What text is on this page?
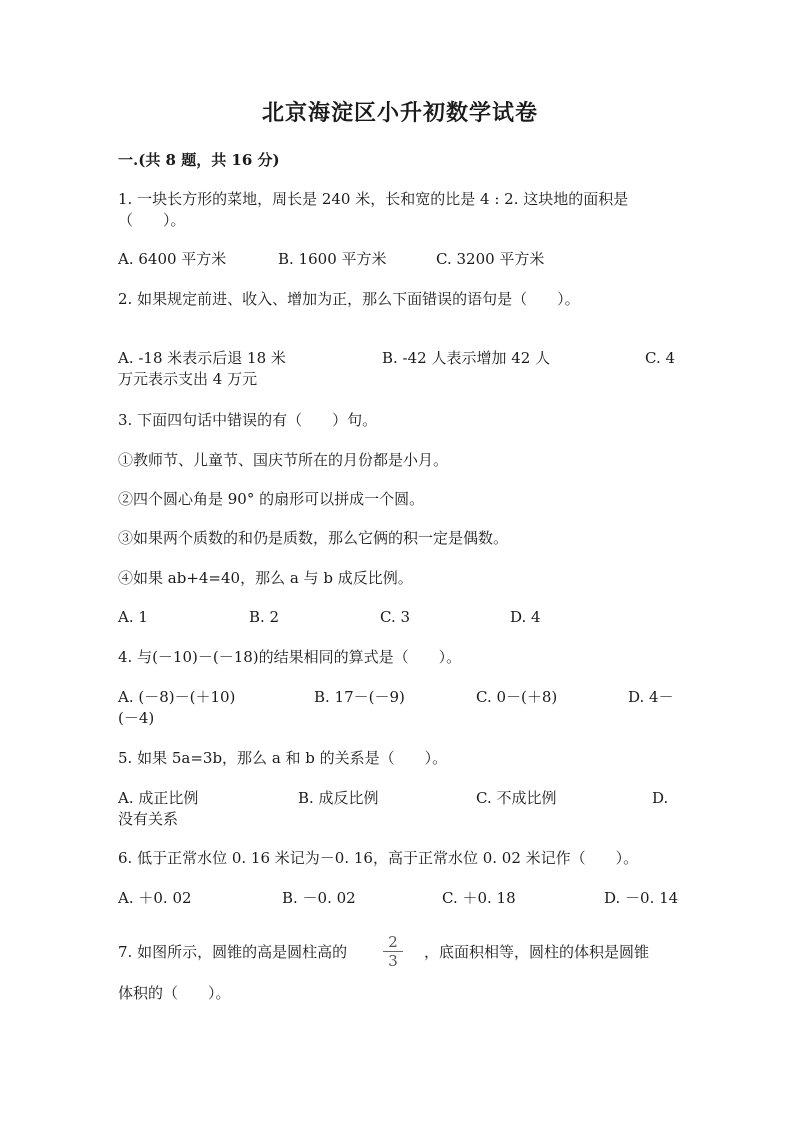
北京海淀区小升初数学试卷
一.(共 8 题，共 16 分)
1. 一块长方形的菜地，周长是 240 米，长和宽的比是 4 : 2. 这块地的面积是
（　　）。
A. 6400 平方米	B. 1600 平方米	C. 3200 平方米
2. 如果规定前进、收入、增加为正，那么下面错误的语句是（　　）。
A. -18 米表示后退 18 米	B. -42 人表示增加 42 人	C. 4
万元表示支出 4 万元
3. 下面四句话中错误的有（　　）句。
①教师节、儿童节、国庆节所在的月份都是小月。
②四个圆心角是 90° 的扇形可以拼成一个圆。
③如果两个质数的和仍是质数，那么它俩的积一定是偶数。
④如果 ab+4=40，那么 a 与 b 成反比例。
A. 1	B. 2	C. 3	D. 4
4. 与(－10)－(－18)的结果相同的算式是（　　）。
A. (－8)－(＋10)	B. 17－(－9)	C. 0－(＋8)	D. 4－
(－4)
5. 如果 5a=3b，那么 a 和 b 的关系是（　　）。
A. 成正比例	B. 成反比例	C. 不成比例	D.
没有关系
6. 低于正常水位 0. 16 米记为－0. 16，高于正常水位 0. 02 米记作（　　）。
A. ＋0. 02	B. －0. 02	C. ＋0. 18	D. －0. 14
7. 如图所示，圆锥的高是圆柱高的
2
3	，底面积相等，圆柱的体积是圆锥
体积的（　　）。
